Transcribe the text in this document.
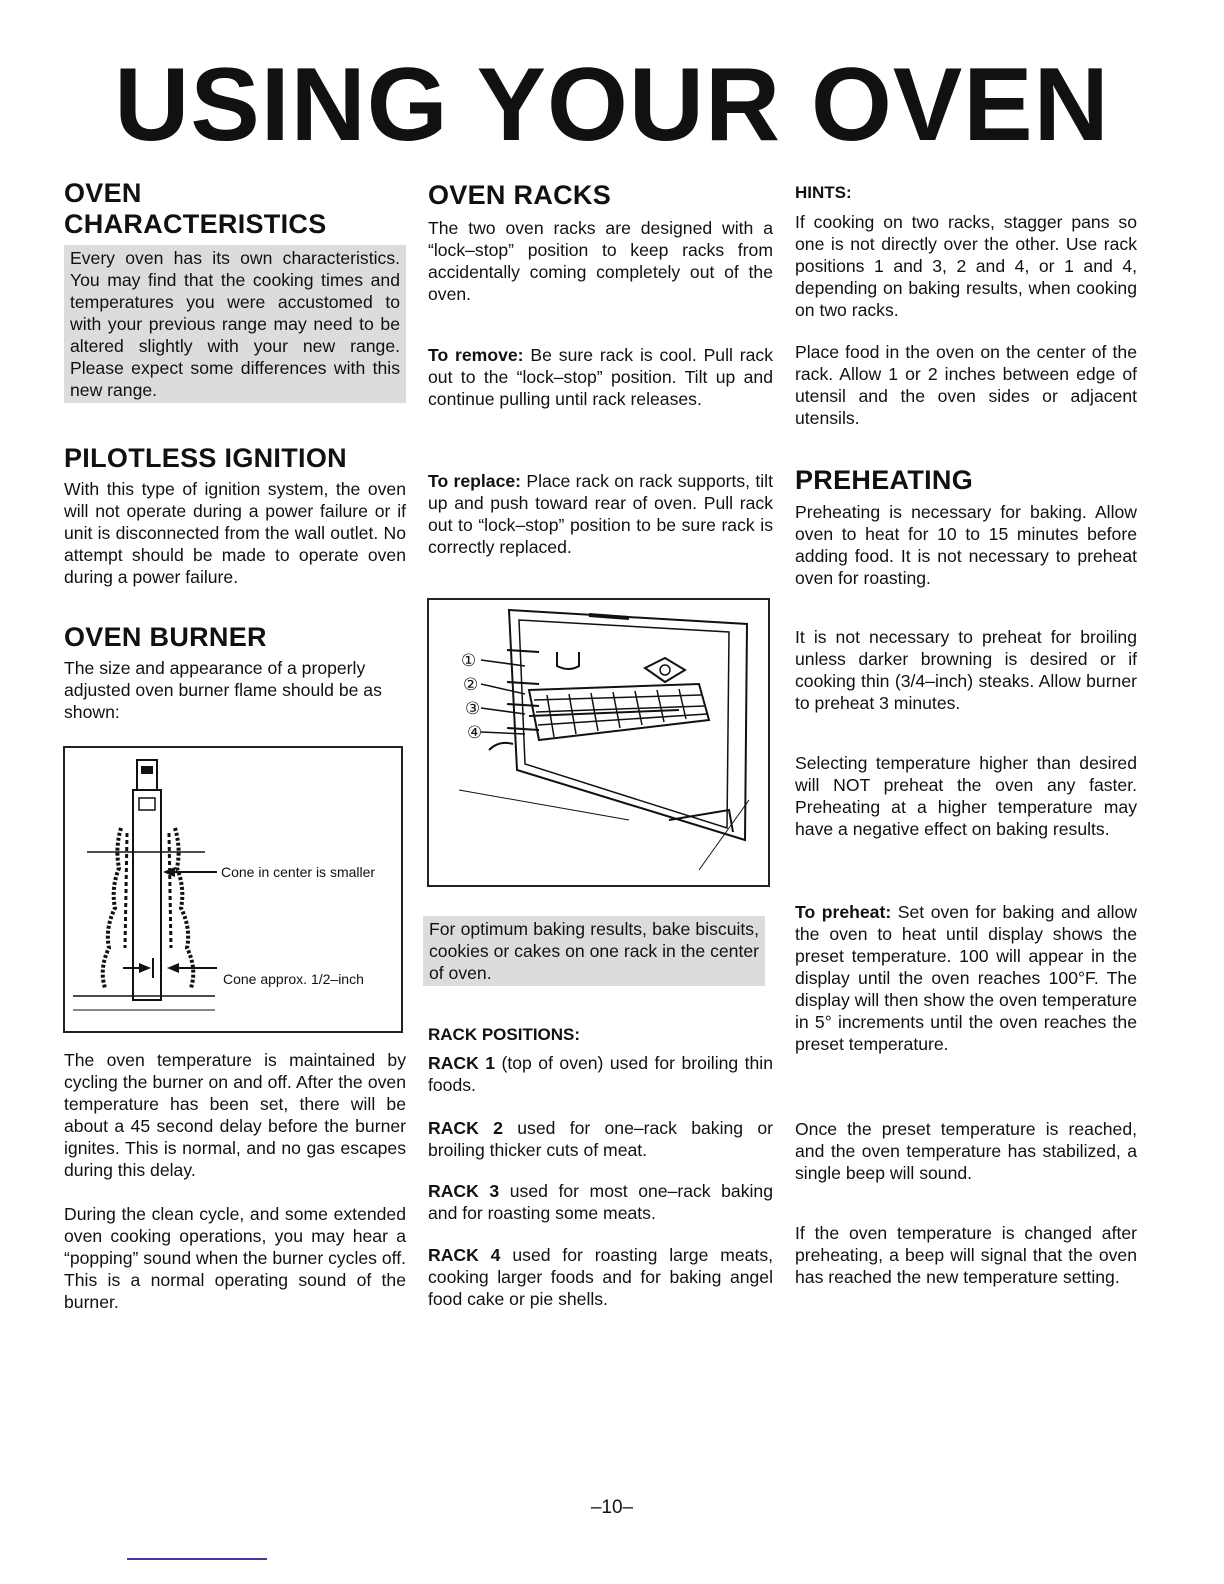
USING YOUR OVEN
OVEN CHARACTERISTICS

Every oven has its own characteristics. You may find that the cooking times and temperatures you were accustomed to with your previous range may need to be altered slightly with your new range. Please expect some differences with this new range.

PILOTLESS IGNITION

With this type of ignition system, the oven will not operate during a power failure or if unit is disconnected from the wall outlet. No attempt should be made to operate oven during a power failure.

OVEN BURNER

The size and appearance of a properly adjusted oven burner flame should be as shown:

Cone in center is smaller
Cone approx. 1/2–inch

The oven temperature is maintained by cycling the burner on and off. After the oven temperature has been set, there will be about a 45 second delay before the burner ignites. This is normal, and no gas escapes during this delay.

During the clean cycle, and some extended oven cooking operations, you may hear a “popping” sound when the burner cycles off. This is a normal operating sound of the burner.

OVEN RACKS

The two oven racks are designed with a “lock–stop” position to keep racks from accidentally coming completely out of the oven.

To remove: Be sure rack is cool. Pull rack out to the “lock–stop” position. Tilt up and continue pulling until rack releases.

To replace: Place rack on rack supports, tilt up and push toward rear of oven. Pull rack out to “lock–stop” position to be sure rack is correctly replaced.

①
②
③
④

For optimum baking results, bake biscuits, cookies or cakes on one rack in the center of oven.

RACK POSITIONS:

RACK 1 (top of oven) used for broiling thin foods.

RACK 2 used for one–rack baking or broiling thicker cuts of meat.

RACK 3 used for most one–rack baking and for roasting some meats.

RACK 4 used for roasting large meats, cooking larger foods and for baking angel food cake or pie shells.

HINTS:

If cooking on two racks, stagger pans so one is not directly over the other. Use rack positions 1 and 3, 2 and 4, or 1 and 4, depending on baking results, when cooking on two racks.

Place food in the oven on the center of the rack. Allow 1 or 2 inches between edge of utensil and the oven sides or adjacent utensils.

PREHEATING

Preheating is necessary for baking. Allow oven to heat for 10 to 15 minutes before adding food. It is not necessary to preheat oven for roasting.

It is not necessary to preheat for broiling unless darker browning is desired or if cooking thin (3/4–inch) steaks. Allow burner to preheat 3 minutes.

Selecting temperature higher than desired will NOT preheat the oven any faster. Preheating at a higher temperature may have a negative effect on baking results.

To preheat: Set oven for baking and allow the oven to heat until display shows the preset temperature. 100 will appear in the display until the oven reaches 100°F. The display will then show the oven temperature in 5° increments until the oven reaches the preset temperature.

Once the preset temperature is reached, and the oven temperature has stabilized, a single beep will sound.

If the oven temperature is changed after preheating, a beep will signal that the oven has reached the new temperature setting.

–10–
